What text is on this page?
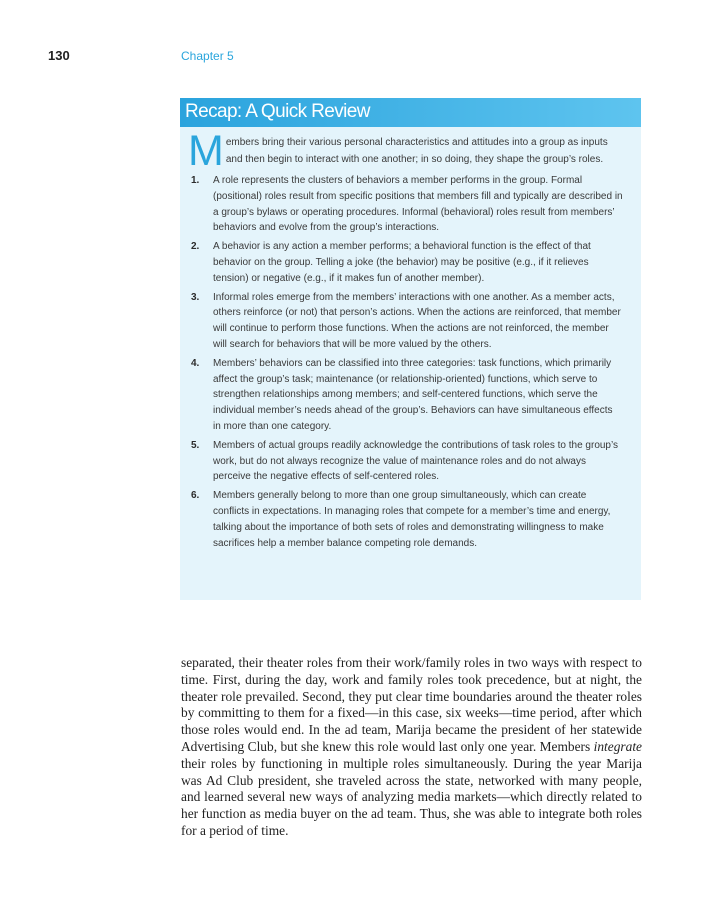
130	Chapter 5
Recap: A Quick Review
Members bring their various personal characteristics and attitudes into a group as inputs and then begin to interact with one another; in so doing, they shape the group’s roles.
1. A role represents the clusters of behaviors a member performs in the group. Formal (positional) roles result from specific positions that members fill and typically are described in a group’s bylaws or operating procedures. Informal (behavioral) roles result from members’ behaviors and evolve from the group’s interactions.
2. A behavior is any action a member performs; a behavioral function is the effect of that behavior on the group. Telling a joke (the behavior) may be positive (e.g., if it relieves tension) or negative (e.g., if it makes fun of another member).
3. Informal roles emerge from the members’ interactions with one another. As a member acts, others reinforce (or not) that person’s actions. When the actions are reinforced, that member will continue to perform those functions. When the actions are not reinforced, the member will search for behaviors that will be more valued by the others.
4. Members’ behaviors can be classified into three categories: task functions, which primarily affect the group’s task; maintenance (or relationship-oriented) functions, which serve to strengthen relationships among members; and self-centered functions, which serve the individual member’s needs ahead of the group’s. Behaviors can have simultaneous effects in more than one category.
5. Members of actual groups readily acknowledge the contributions of task roles to the group’s work, but do not always recognize the value of maintenance roles and do not always perceive the negative effects of self-centered roles.
6. Members generally belong to more than one group simultaneously, which can create conflicts in expectations. In managing roles that compete for a member’s time and energy, talking about the importance of both sets of roles and demonstrating willingness to make sacrifices help a member balance competing role demands.

separated, their theater roles from their work/family roles in two ways with respect to time. First, during the day, work and family roles took precedence, but at night, the theater role prevailed. Second, they put clear time boundaries around the theater roles by committing to them for a fixed—in this case, six weeks—time period, after which those roles would end. In the ad team, Marija became the president of her statewide Advertising Club, but she knew this role would last only one year. Members integrate their roles by functioning in multiple roles simultaneously. During the year Marija was Ad Club president, she traveled across the state, networked with many people, and learned several new ways of analyzing media markets—which directly related to her function as media buyer on the ad team. Thus, she was able to integrate both roles for a period of time.
